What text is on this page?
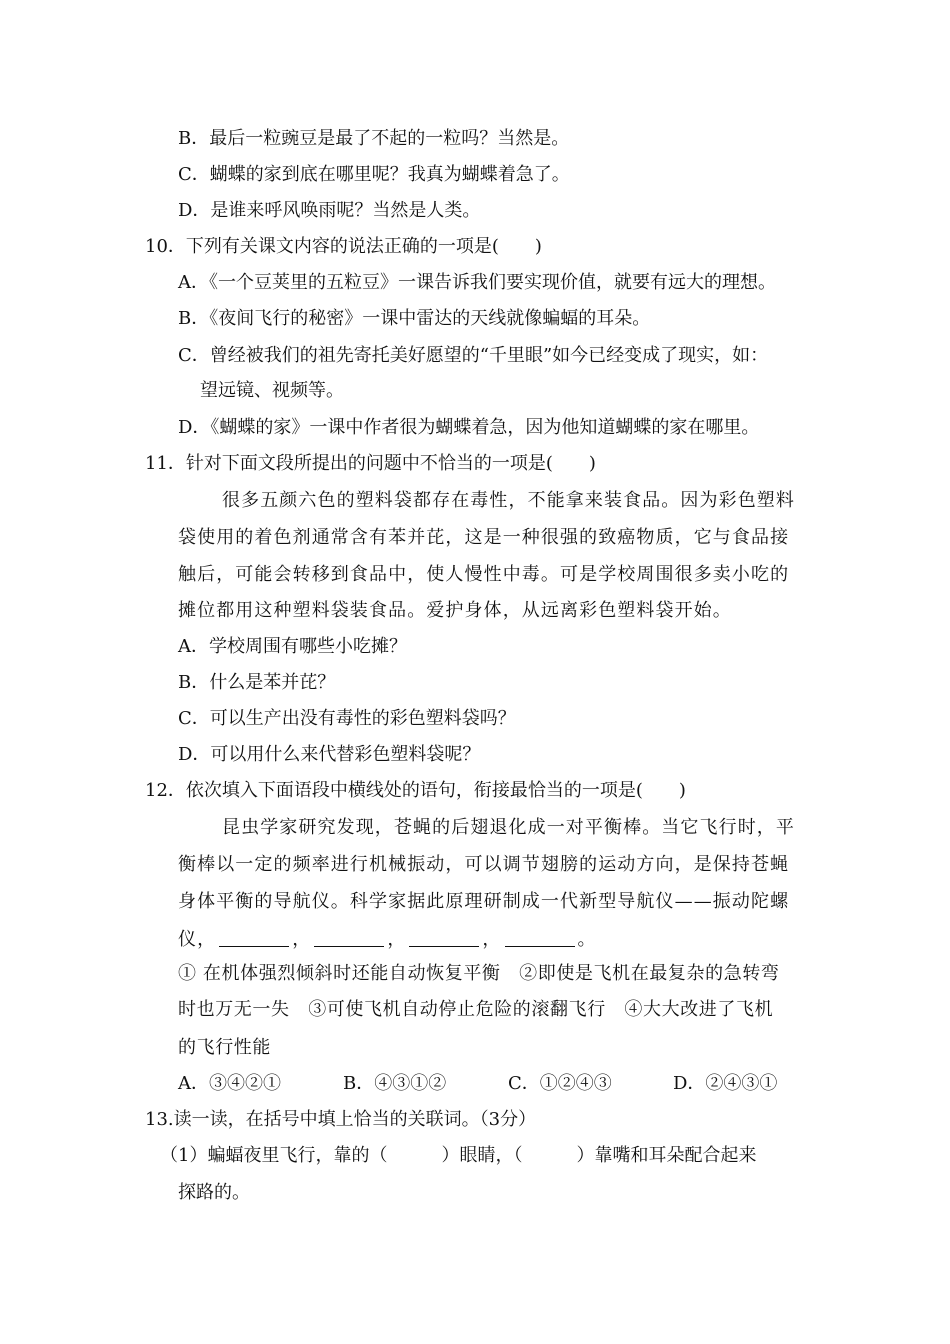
B．最后一粒豌豆是最了不起的一粒吗？当然是。
C．蝴蝶的家到底在哪里呢？我真为蝴蝶着急了。
D．是谁来呼风唤雨呢？当然是人类。
10．下列有关课文内容的说法正确的一项是(　　)
A．《一个豆荚里的五粒豆》一课告诉我们要实现价值，就要有远大的理想。
B．《夜间飞行的秘密》一课中雷达的天线就像蝙蝠的耳朵。
C．曾经被我们的祖先寄托美好愿望的“千里眼”如今已经变成了现实，如：
望远镜、视频等。
D．《蝴蝶的家》一课中作者很为蝴蝶着急，因为他知道蝴蝶的家在哪里。
11．针对下面文段所提出的问题中不恰当的一项是(　　)
很多五颜六色的塑料袋都存在毒性，不能拿来装食品。因为彩色塑料
袋使用的着色剂通常含有苯并芘，这是一种很强的致癌物质，它与食品接
触后，可能会转移到食品中，使人慢性中毒。可是学校周围很多卖小吃的
摊位都用这种塑料袋装食品。爱护身体，从远离彩色塑料袋开始。
A．学校周围有哪些小吃摊？
B．什么是苯并芘？
C．可以生产出没有毒性的彩色塑料袋吗？
D．可以用什么来代替彩色塑料袋呢？
12．依次填入下面语段中横线处的语句，衔接最恰当的一项是(　　)
昆虫学家研究发现，苍蝇的后翅退化成一对平衡棒。当它飞行时，平
衡棒以一定的频率进行机械振动，可以调节翅膀的运动方向，是保持苍蝇
身体平衡的导航仪。科学家据此原理研制成一代新型导航仪——振动陀螺
仪，	，	，	，	。
① 在机体强烈倾斜时还能自动恢复平衡　②即使是飞机在最复杂的急转弯
时也万无一失　③可使飞机自动停止危险的滚翻飞行　④大大改进了飞机
的飞行性能
A．③④②①	B．④③①②	C．①②④③	D．②④③①
13.读一读，在括号中填上恰当的关联词。（3分）
（1）蝙蝠夜里飞行，靠的（　　　）眼睛，（　　　）靠嘴和耳朵配合起来
探路的。
